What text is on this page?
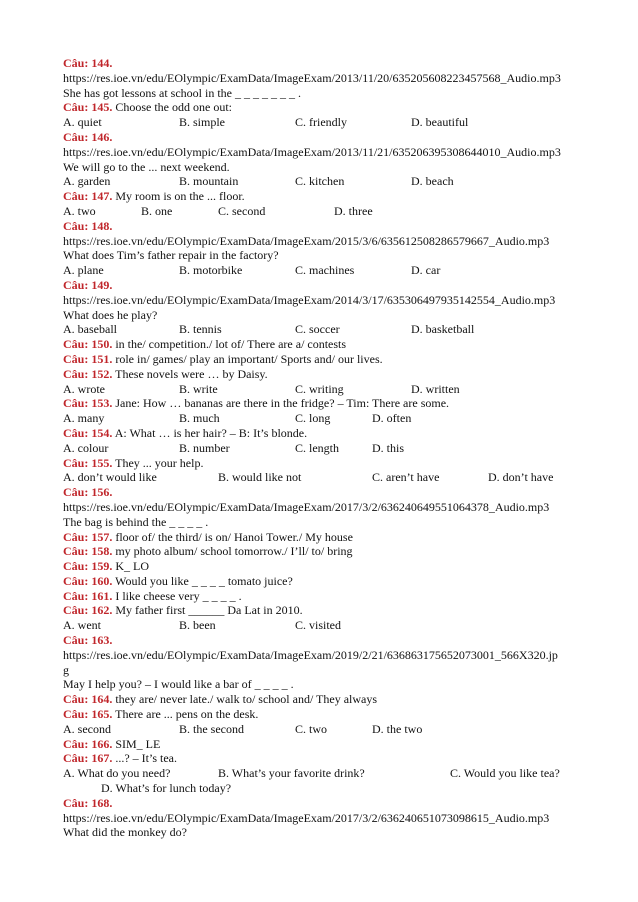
Câu: 144.
https://res.ioe.vn/edu/EOlympic/ExamData/ImageExam/2013/11/20/635205608223457568_Audio.mp3
She has got lessons at school in the _ _ _ _ _ _ _ .
Câu: 145. Choose the odd one out:
A. quiet	B. simple	C. friendly	D. beautiful
Câu: 146.
https://res.ioe.vn/edu/EOlympic/ExamData/ImageExam/2013/11/21/635206395308644010_Audio.mp3
We will go to the ... next weekend.
A. garden	B. mountain	C. kitchen	D. beach
Câu: 147. My room is on the ... floor.
A. two	B. one	C. second	D. three
Câu: 148.
https://res.ioe.vn/edu/EOlympic/ExamData/ImageExam/2015/3/6/635612508286579667_Audio.mp3
What does Tim’s father repair in the factory?
A. plane	B. motorbike	C. machines	D. car
Câu: 149.
https://res.ioe.vn/edu/EOlympic/ExamData/ImageExam/2014/3/17/635306497935142554_Audio.mp3
What does he play?
A. baseball	B. tennis	C. soccer	D. basketball
Câu: 150. in the/ competition./ lot of/ There are a/ contests
Câu: 151. role in/ games/ play an important/ Sports and/ our lives.
Câu: 152. These novels were … by Daisy.
A. wrote	B. write	C. writing	D. written
Câu: 153. Jane: How … bananas are there in the fridge? – Tim: There are some.
A. many	B. much	C. long	D. often
Câu: 154. A: What … is her hair? – B: It’s blonde.
A. colour	B. number	C. length	D. this
Câu: 155. They ... your help.
A. don’t would like	B. would like not	C. aren’t have	D. don’t have
Câu: 156.
https://res.ioe.vn/edu/EOlympic/ExamData/ImageExam/2017/3/2/636240649551064378_Audio.mp3
The bag is behind the _ _ _ _ .
Câu: 157. floor of/ the third/ is on/ Hanoi Tower./ My house
Câu: 158. my photo album/ school tomorrow./ I’ll/ to/ bring
Câu: 159. K_ LO
Câu: 160. Would you like _ _ _ _ tomato juice?
Câu: 161. I like cheese very _ _ _ _ .
Câu: 162. My father first ______ Da Lat in 2010.
A. went	B. been	C. visited
Câu: 163.
https://res.ioe.vn/edu/EOlympic/ExamData/ImageExam/2019/2/21/636863175652073001_566X320.jp
g
May I help you? – I would like a bar of _ _ _ _ .
Câu: 164. they are/ never late./ walk to/ school and/ They always
Câu: 165. There are ... pens on the desk.
A. second	B. the second	C. two	D. the two
Câu: 166. SIM_ LE
Câu: 167. ...? – It’s tea.
A. What do you need?	B. What’s your favorite drink?	C. Would you like tea?
D. What’s for lunch today?
Câu: 168.
https://res.ioe.vn/edu/EOlympic/ExamData/ImageExam/2017/3/2/636240651073098615_Audio.mp3
What did the monkey do?
